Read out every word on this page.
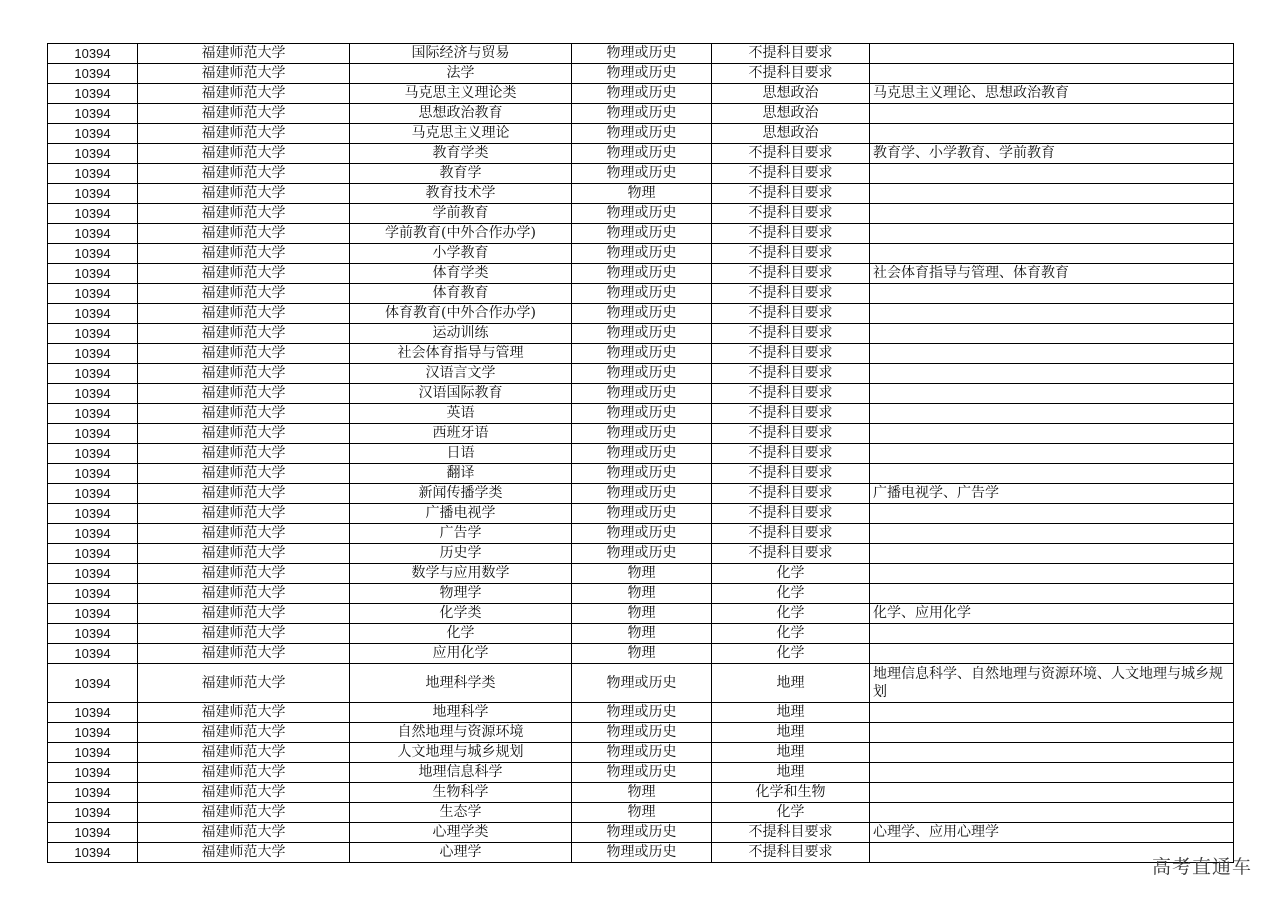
10394	福建师范大学	国际经济与贸易	物理或历史	不提科目要求	
10394	福建师范大学	法学	物理或历史	不提科目要求	
10394	福建师范大学	马克思主义理论类	物理或历史	思想政治	马克思主义理论、思想政治教育
10394	福建师范大学	思想政治教育	物理或历史	思想政治	
10394	福建师范大学	马克思主义理论	物理或历史	思想政治	
10394	福建师范大学	教育学类	物理或历史	不提科目要求	教育学、小学教育、学前教育
10394	福建师范大学	教育学	物理或历史	不提科目要求	
10394	福建师范大学	教育技术学	物理	不提科目要求	
10394	福建师范大学	学前教育	物理或历史	不提科目要求	
10394	福建师范大学	学前教育(中外合作办学)	物理或历史	不提科目要求	
10394	福建师范大学	小学教育	物理或历史	不提科目要求	
10394	福建师范大学	体育学类	物理或历史	不提科目要求	社会体育指导与管理、体育教育
10394	福建师范大学	体育教育	物理或历史	不提科目要求	
10394	福建师范大学	体育教育(中外合作办学)	物理或历史	不提科目要求	
10394	福建师范大学	运动训练	物理或历史	不提科目要求	
10394	福建师范大学	社会体育指导与管理	物理或历史	不提科目要求	
10394	福建师范大学	汉语言文学	物理或历史	不提科目要求	
10394	福建师范大学	汉语国际教育	物理或历史	不提科目要求	
10394	福建师范大学	英语	物理或历史	不提科目要求	
10394	福建师范大学	西班牙语	物理或历史	不提科目要求	
10394	福建师范大学	日语	物理或历史	不提科目要求	
10394	福建师范大学	翻译	物理或历史	不提科目要求	
10394	福建师范大学	新闻传播学类	物理或历史	不提科目要求	广播电视学、广告学
10394	福建师范大学	广播电视学	物理或历史	不提科目要求	
10394	福建师范大学	广告学	物理或历史	不提科目要求	
10394	福建师范大学	历史学	物理或历史	不提科目要求	
10394	福建师范大学	数学与应用数学	物理	化学	
10394	福建师范大学	物理学	物理	化学	
10394	福建师范大学	化学类	物理	化学	化学、应用化学
10394	福建师范大学	化学	物理	化学	
10394	福建师范大学	应用化学	物理	化学	
10394	福建师范大学	地理科学类	物理或历史	地理	地理信息科学、自然地理与资源环境、人文地理与城乡规划
10394	福建师范大学	地理科学	物理或历史	地理	
10394	福建师范大学	自然地理与资源环境	物理或历史	地理	
10394	福建师范大学	人文地理与城乡规划	物理或历史	地理	
10394	福建师范大学	地理信息科学	物理或历史	地理	
10394	福建师范大学	生物科学	物理	化学和生物	
10394	福建师范大学	生态学	物理	化学	
10394	福建师范大学	心理学类	物理或历史	不提科目要求	心理学、应用心理学
10394	福建师范大学	心理学	物理或历史	不提科目要求	
高考直通车
